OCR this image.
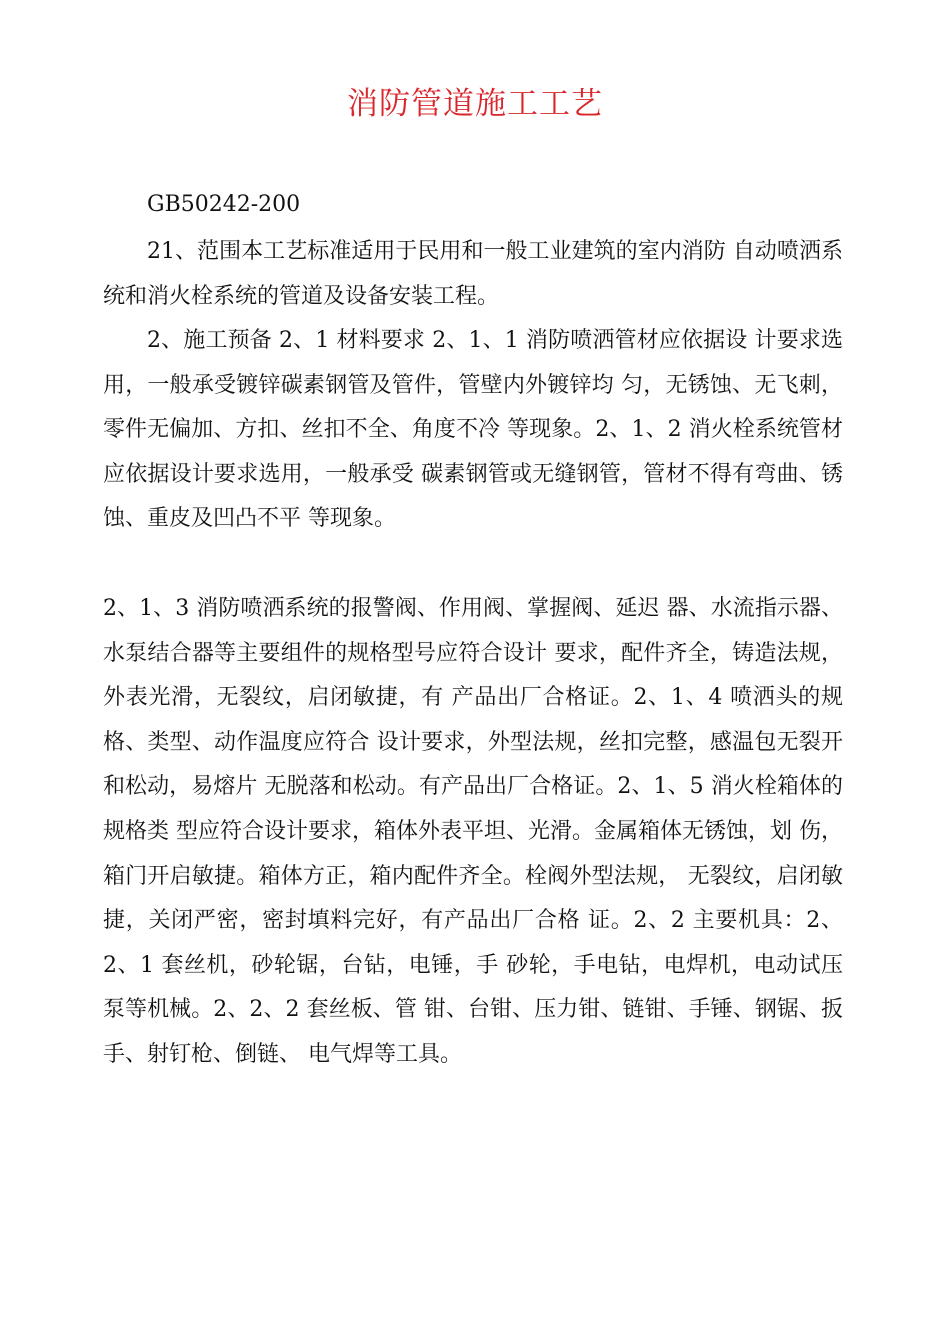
消防管道施工工艺

GB50242-200

21、范围本工艺标准适用于民用和一般工业建筑的室内消防 自动喷洒系统和消火栓系统的管道及设备安装工程。

2、施工预备 2、1 材料要求 2、1、1 消防喷洒管材应依据设 计要求选用，一般承受镀锌碳素钢管及管件，管壁内外镀锌均 匀，无锈蚀、无飞刺，零件无偏加、方扣、丝扣不全、角度不冷 等现象。2、1、2 消火栓系统管材应依据设计要求选用，一般承受 碳素钢管或无缝钢管，管材不得有弯曲、锈蚀、重皮及凹凸不平 等现象。

2、1、3 消防喷洒系统的报警阀、作用阀、掌握阀、延迟 器、水流指示器、水泵结合器等主要组件的规格型号应符合设计 要求，配件齐全，铸造法规，外表光滑，无裂纹，启闭敏捷，有 产品出厂合格证。2、1、4 喷洒头的规格、类型、动作温度应符合 设计要求，外型法规，丝扣完整，感温包无裂开和松动，易熔片 无脱落和松动。有产品出厂合格证。2、1、5 消火栓箱体的规格类 型应符合设计要求，箱体外表平坦、光滑。金属箱体无锈蚀，划 伤，箱门开启敏捷。箱体方正，箱内配件齐全。栓阀外型法规， 无裂纹，启闭敏捷，关闭严密，密封填料完好，有产品出厂合格 证。2、2 主要机具：2、2、1 套丝机，砂轮锯，台钻，电锤，手 砂轮，手电钻，电焊机，电动试压泵等机械。2、2、2 套丝板、管 钳、台钳、压力钳、链钳、手锤、钢锯、扳手、射钉枪、倒链、 电气焊等工具。
